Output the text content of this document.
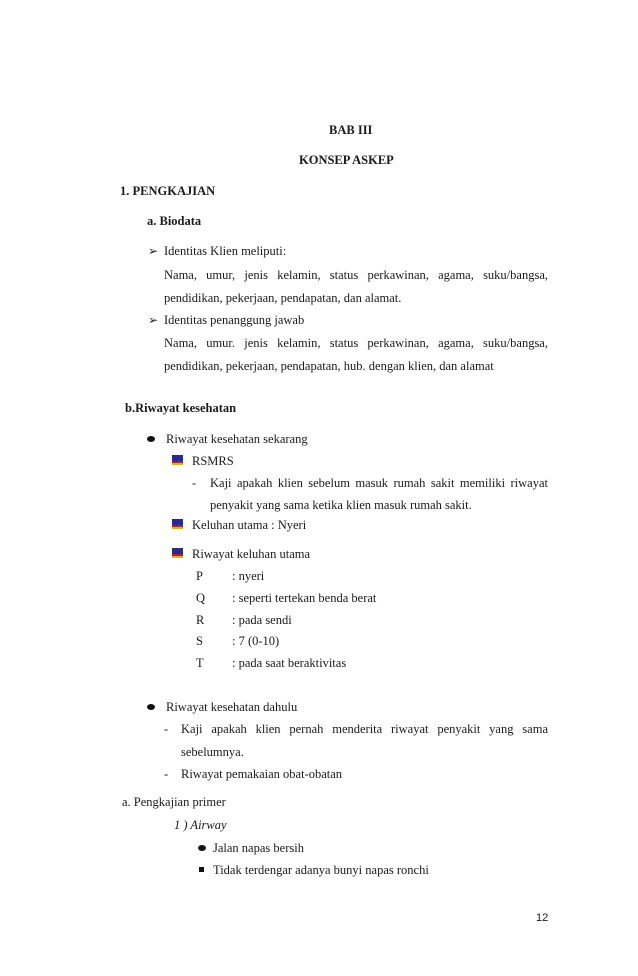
BAB III
KONSEP ASKEP
1. PENGKAJIAN
a. Biodata
➢ Identitas Klien meliputi:
Nama, umur, jenis kelamin, status perkawinan, agama, suku/bangsa,
pendidikan, pekerjaan, pendapatan, dan alamat.
➢ Identitas penanggung jawab
Nama, umur. jenis kelamin, status perkawinan, agama, suku/bangsa,
pendidikan, pekerjaan, pendapatan, hub. dengan klien, dan alamat
b.Riwayat kesehatan
Riwayat kesehatan sekarang
RSMRS
- Kaji apakah klien sebelum masuk rumah sakit memiliki riwayat
penyakit yang sama ketika klien masuk rumah sakit.
Keluhan utama : Nyeri
Riwayat keluhan utama
P : nyeri
Q : seperti tertekan benda berat
R : pada sendi
S : 7 (0-10)
T : pada saat beraktivitas
Riwayat kesehatan dahulu
- Kaji apakah klien pernah menderita riwayat penyakit yang sama
sebelumnya.
- Riwayat pemakaian obat-obatan
a. Pengkajian primer
1 ) Airway
Jalan napas bersih
Tidak terdengar adanya bunyi napas ronchi
12
